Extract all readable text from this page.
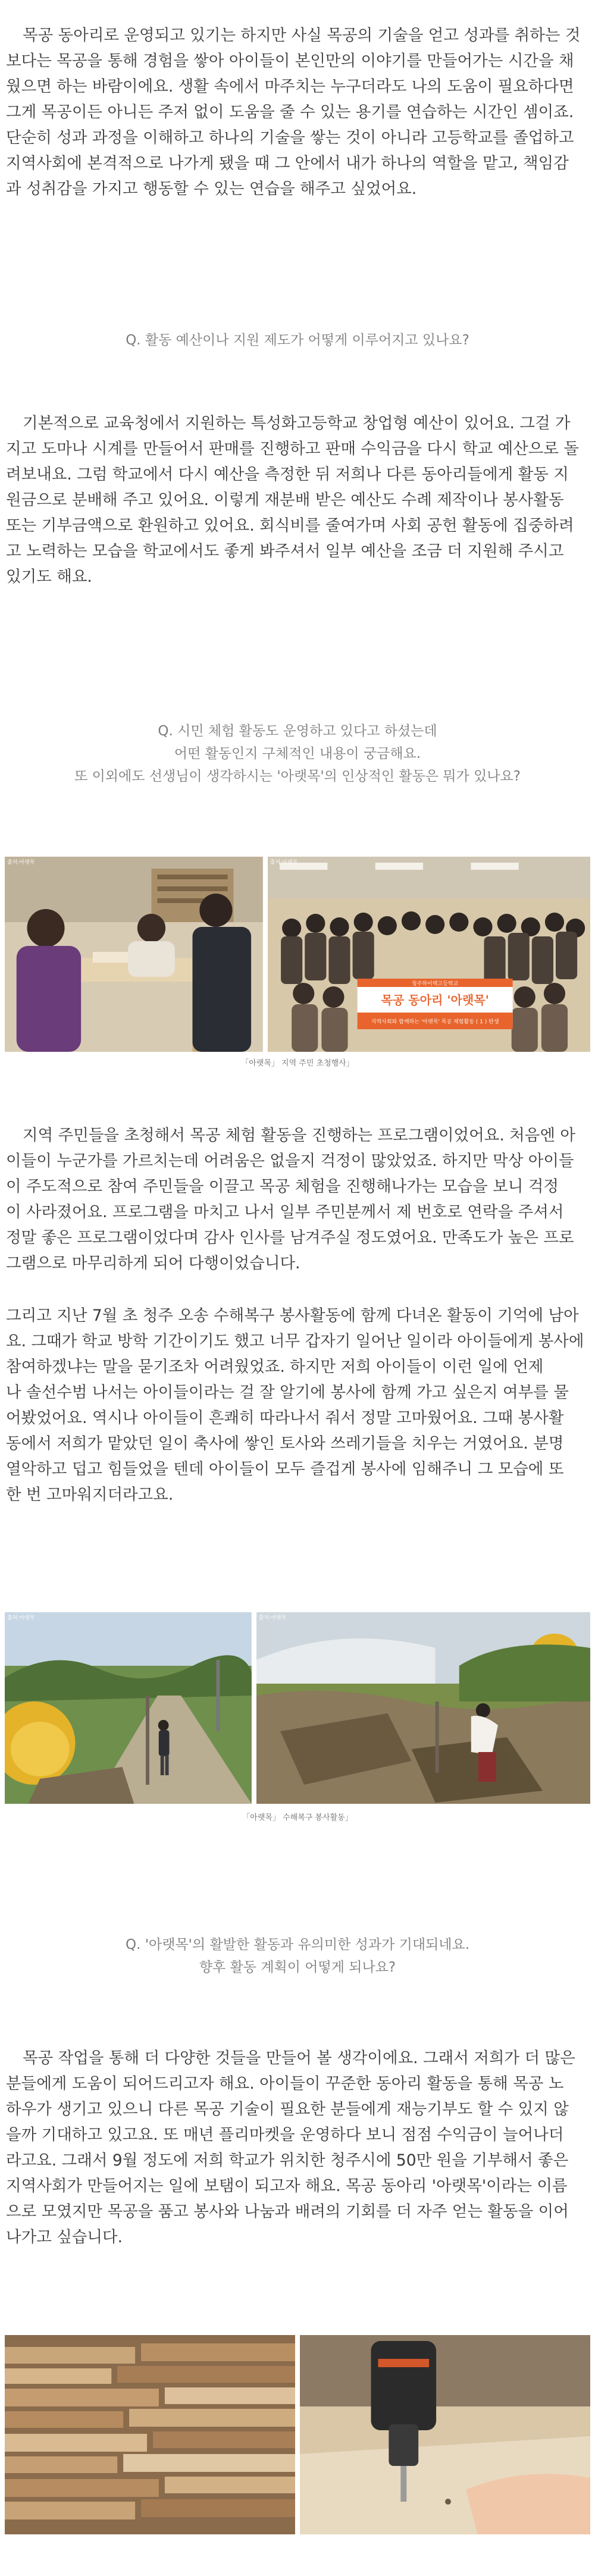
목공 동아리로 운영되고 있기는 하지만 사실 목공의 기술을 얻고 성과를 취하는 것
보다는 목공을 통해 경험을 쌓아 아이들이 본인만의 이야기를 만들어가는 시간을 채
웠으면 하는 바람이에요. 생활 속에서 마주치는 누구더라도 나의 도움이 필요하다면
그게 목공이든 아니든 주저 없이 도움을 줄 수 있는 용기를 연습하는 시간인 셈이죠.
단순히 성과 과정을 이해하고 하나의 기술을 쌓는 것이 아니라 고등학교를 졸업하고
지역사회에 본격적으로 나가게 됐을 때 그 안에서 내가 하나의 역할을 맡고, 책임감
과 성취감을 가지고 행동할 수 있는 연습을 해주고 싶었어요.
Q. 활동 예산이나 지원 제도가 어떻게 이루어지고 있나요?
기본적으로 교육청에서 지원하는 특성화고등학교 창업형 예산이 있어요. 그걸 가
지고 도마나 시계를 만들어서 판매를 진행하고 판매 수익금을 다시 학교 예산으로 돌
려보내요. 그럼 학교에서 다시 예산을 측정한 뒤 저희나 다른 동아리들에게 활동 지
원금으로 분배해 주고 있어요. 이렇게 재분배 받은 예산도 수례 제작이나 봉사활동
또는 기부금액으로 환원하고 있어요. 회식비를 줄여가며 사회 공헌 활동에 집중하려
고 노력하는 모습을 학교에서도 좋게 봐주셔서 일부 예산을 조금 더 지원해 주시고
있기도 해요.
Q. 시민 체험 활동도 운영하고 있다고 하셨는데
어떤 활동인지 구체적인 내용이 궁금해요.
또 이외에도 선생님이 생각하시는 '아랫목'의 인상적인 활동은 뭐가 있나요?
출처:아랫목	출처:아랫목
청주하이텍고등학교
목공 동아리 '아랫목'
지역사회와 함께하는 '아랫목' 목공 체험활동 ( 1 ) 탄생
「아랫목」 지역 주민 초청행사」
지역 주민들을 초청해서 목공 체험 활동을 진행하는 프로그램이었어요. 처음엔 아
이들이 누군가를 가르치는데 어려움은 없을지 걱정이 많았었죠. 하지만 막상 아이들
이 주도적으로 참여 주민들을 이끌고 목공 체험을 진행해나가는 모습을 보니 걱정
이 사라졌어요. 프로그램을 마치고 나서 일부 주민분께서 제 번호로 연락을 주셔서
정말 좋은 프로그램이었다며 감사 인사를 남겨주실 정도였어요. 만족도가 높은 프로
그램으로 마무리하게 되어 다행이었습니다.
그리고 지난 7월 초 청주 오송 수해복구 봉사활동에 함께 다녀온 활동이 기억에 남아
요. 그때가 학교 방학 기간이기도 했고 너무 갑자기 일어난 일이라 아이들에게 봉사에
참여하겠냐는 말을 묻기조차 어려웠었죠. 하지만 저희 아이들이 이런 일에 언제
나 솔선수범 나서는 아이들이라는 걸 잘 알기에 봉사에 함께 가고 싶은지 여부를 물
어봤었어요. 역시나 아이들이 흔쾌히 따라나서 줘서 정말 고마웠어요. 그때 봉사활
동에서 저희가 맡았던 일이 축사에 쌓인 토사와 쓰레기들을 치우는 거였어요. 분명
열악하고 덥고 힘들었을 텐데 아이들이 모두 즐겁게 봉사에 임해주니 그 모습에 또
한 번 고마워지더라고요.
출처:아랫목	출처:아랫목
「아랫목」 수해복구 봉사활동」
Q. '아랫목'의 활발한 활동과 유의미한 성과가 기대되네요.
향후 활동 계획이 어떻게 되나요?
목공 작업을 통해 더 다양한 것들을 만들어 볼 생각이에요. 그래서 저희가 더 많은
분들에게 도움이 되어드리고자 해요. 아이들이 꾸준한 동아리 활동을 통해 목공 노
하우가 생기고 있으니 다른 목공 기술이 필요한 분들에게 재능기부도 할 수 있지 않
을까 기대하고 있고요. 또 매년 플리마켓을 운영하다 보니 점점 수익금이 늘어나더
라고요. 그래서 9월 정도에 저희 학교가 위치한 청주시에 50만 원을 기부해서 좋은
지역사회가 만들어지는 일에 보탬이 되고자 해요. 목공 동아리 '아랫목'이라는 이름
으로 모였지만 목공을 품고 봉사와 나눔과 배려의 기회를 더 자주 얻는 활동을 이어
나가고 싶습니다.
